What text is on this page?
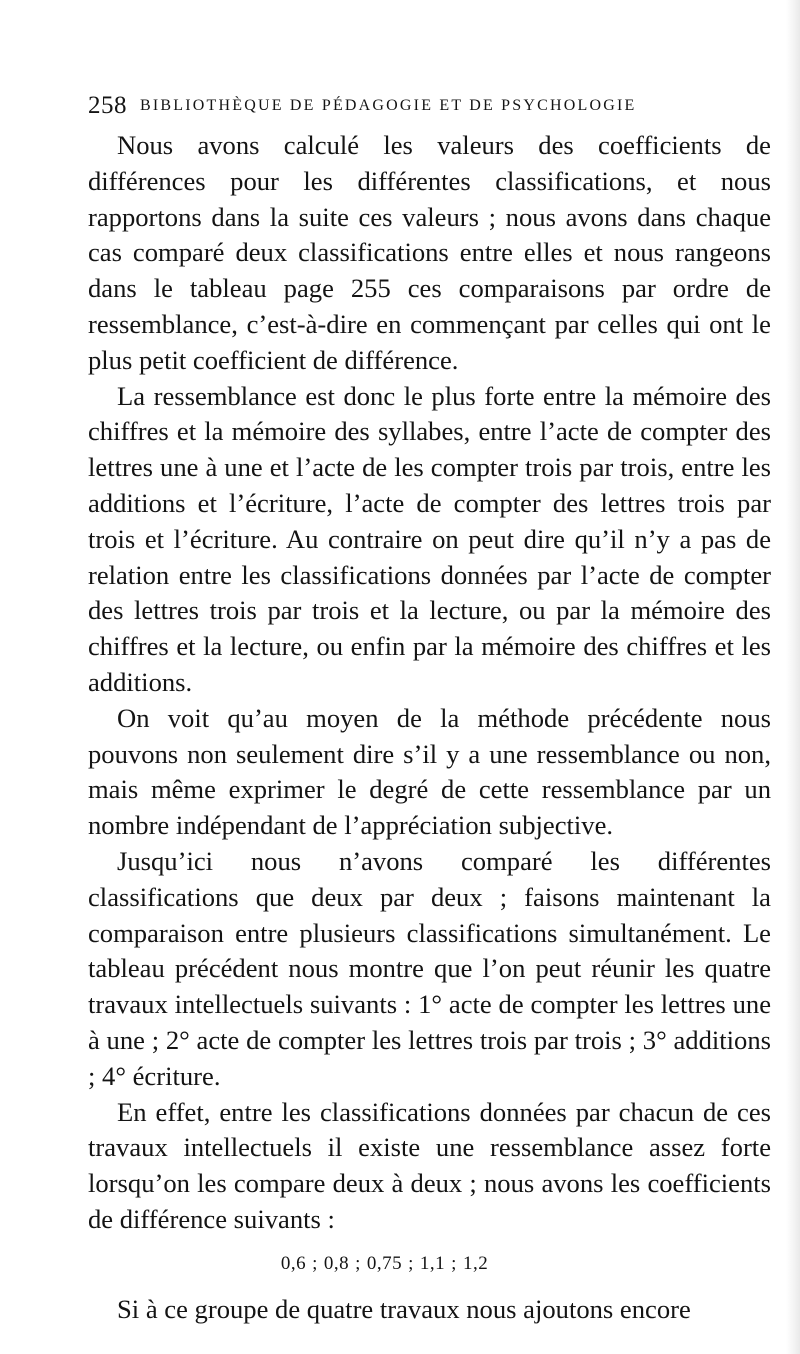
258 BIBLIOTHÈQUE DE PÉDAGOGIE ET DE PSYCHOLOGIE

Nous avons calculé les valeurs des coefficients de différences pour les différentes classifications, et nous rapportons dans la suite ces valeurs ; nous avons dans chaque cas comparé deux classifications entre elles et nous rangeons dans le tableau page 255 ces comparaisons par ordre de ressemblance, c’est-à-dire en commençant par celles qui ont le plus petit coefficient de différence.

La ressemblance est donc le plus forte entre la mémoire des chiffres et la mémoire des syllabes, entre l’acte de compter des lettres une à une et l’acte de les compter trois par trois, entre les additions et l’écriture, l’acte de compter des lettres trois par trois et l’écriture. Au contraire on peut dire qu’il n’y a pas de relation entre les classifications données par l’acte de compter des lettres trois par trois et la lecture, ou par la mémoire des chiffres et la lecture, ou enfin par la mémoire des chiffres et les additions.

On voit qu’au moyen de la méthode précédente nous pouvons non seulement dire s’il y a une ressemblance ou non, mais même exprimer le degré de cette ressemblance par un nombre indépendant de l’appréciation subjective.

Jusqu’ici nous n’avons comparé les différentes classifications que deux par deux ; faisons maintenant la comparaison entre plusieurs classifications simultanément. Le tableau précédent nous montre que l’on peut réunir les quatre travaux intellectuels suivants : 1° acte de compter les lettres une à une ; 2° acte de compter les lettres trois par trois ; 3° additions ; 4° écriture.

En effet, entre les classifications données par chacun de ces travaux intellectuels il existe une ressemblance assez forte lorsqu’on les compare deux à deux ; nous avons les coefficients de différence suivants :

0,6 ; 0,8 ; 0,75 ; 1,1 ; 1,2

Si à ce groupe de quatre travaux nous ajoutons encore
